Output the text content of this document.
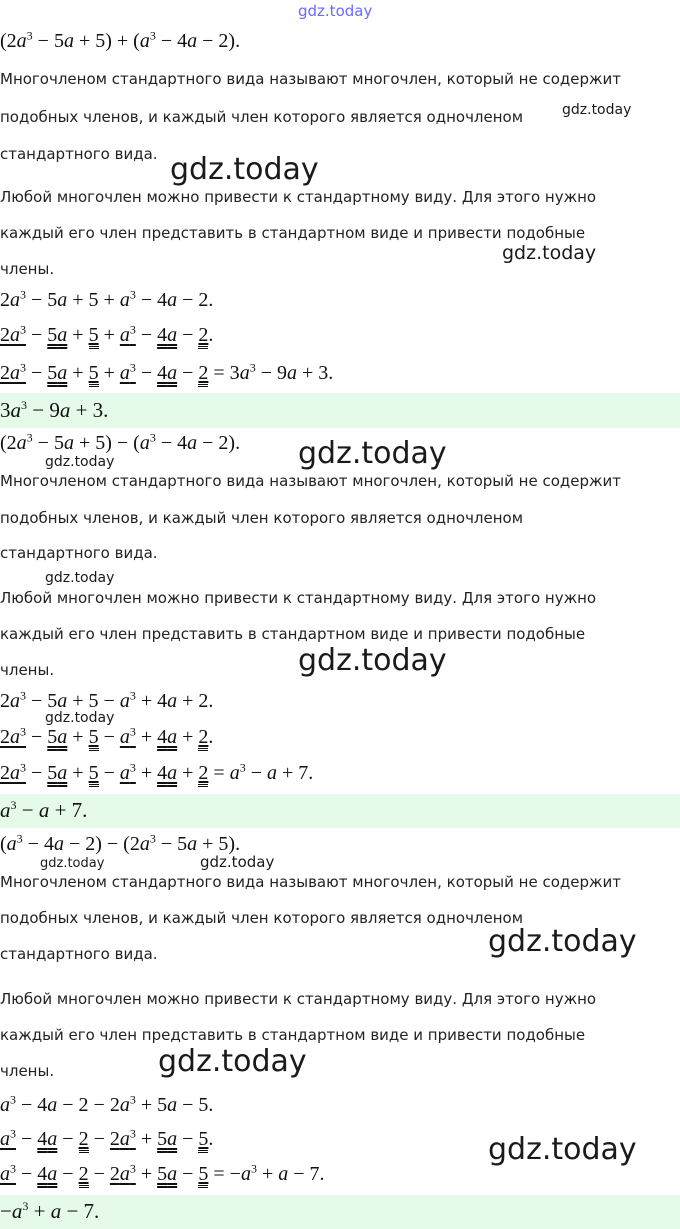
gdz.today
$(2a^3 - 5a + 5) + (a^3 - 4a - 2)$.
Многочленом стандартного вида называют многочлен, который не содержит
подобных членов, и каждый член которого является одночленом	gdz.today
стандартного вида. gdz.today
Любой многочлен можно привести к стандартному виду. Для этого нужно
каждый его член представить в стандартном виде и привести подобные
gdz.today
члены.
$2a^3 - 5a + 5 + a^3 - 4a - 2$.
$2a^3 - 5a + 5 + a^3 - 4a - 2$.
$2a^3 - 5a + 5 + a^3 - 4a - 2 = 3a^3 - 9a + 3$.
$3a^3 - 9a + 3$.
$(2a^3 - 5a + 5) - (a^3 - 4a - 2)$. gdz.today
gdz.today
Многочленом стандартного вида называют многочлен, который не содержит
подобных членов, и каждый член которого является одночленом
стандартного вида.
gdz.today
Любой многочлен можно привести к стандартному виду. Для этого нужно
каждый его член представить в стандартном виде и привести подобные
gdz.today
члены.
$2a^3 - 5a + 5 - a^3 + 4a + 2$.
gdz.today
$2a^3 - 5a + 5 - a^3 + 4a + 2$.
$2a^3 - 5a + 5 - a^3 + 4a + 2 = a^3 - a + 7$.
$a^3 - a + 7$.
$(a^3 - 4a - 2) - (2a^3 - 5a + 5)$.
gdz.today	gdz.today
Многочленом стандартного вида называют многочлен, который не содержит
подобных членов, и каждый член которого является одночленом
gdz.today
стандартного вида.
Любой многочлен можно привести к стандартному виду. Для этого нужно
каждый его член представить в стандартном виде и привести подобные
gdz.today
члены.
$a^3 - 4a - 2 - 2a^3 + 5a - 5$.
$a^3 - 4a - 2 - 2a^3 + 5a - 5$.	gdz.today
$a^3 - 4a - 2 - 2a^3 + 5a - 5 = -a^3 + a - 7$.
$-a^3 + a - 7$.
